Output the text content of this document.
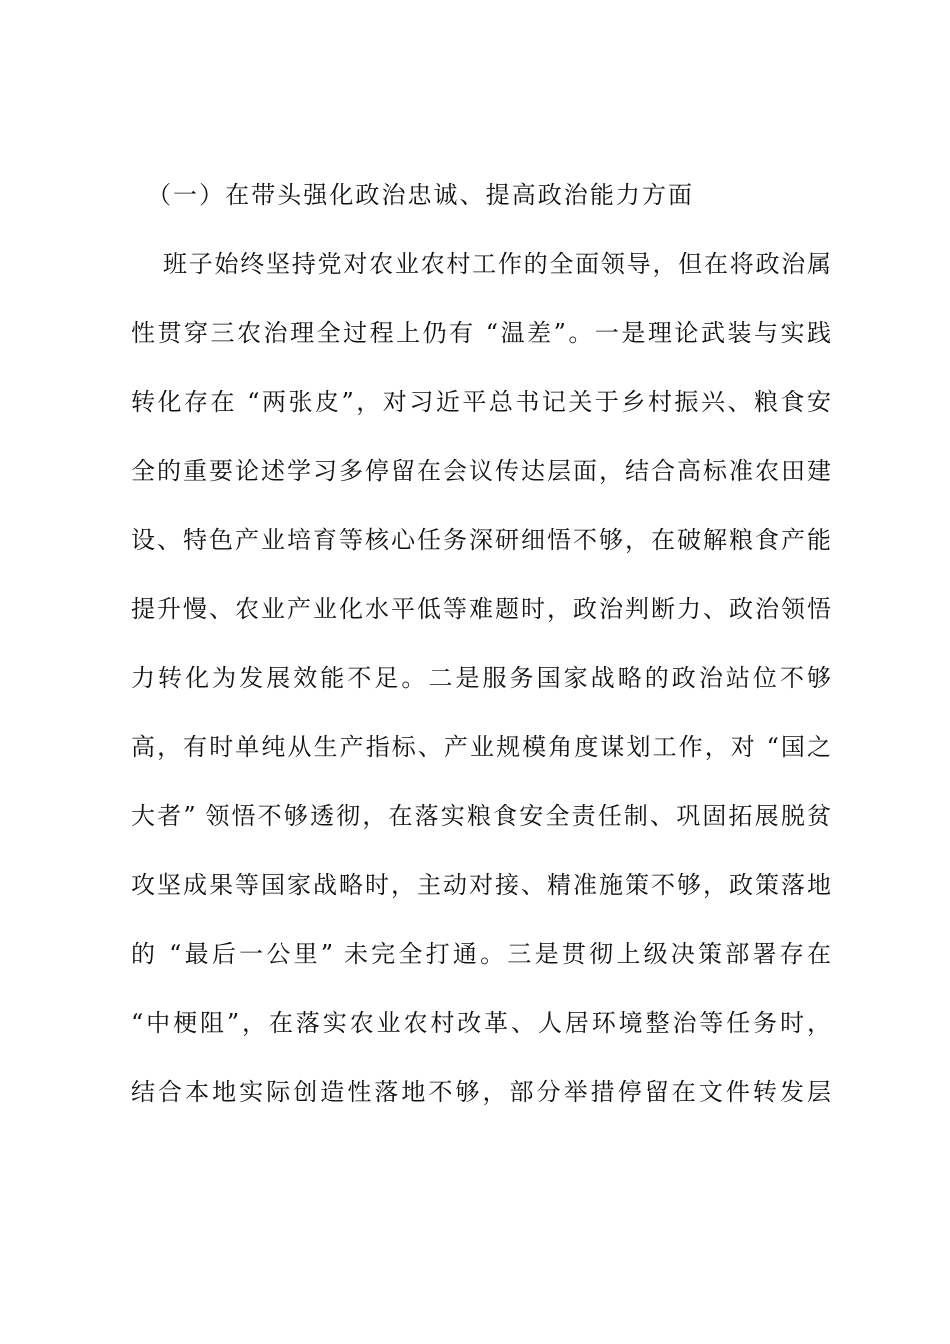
（一）在带头强化政治忠诚、提高政治能力方面
班子始终坚持党对农业农村工作的全面领导，但在将政治属
性贯穿三农治理全过程上仍有 “温差”。一是理论武装与实践
转化存在 “两张皮”，对习近平总书记关于乡村振兴、粮食安
全的重要论述学习多停留在会议传达层面，结合高标准农田建
设、特色产业培育等核心任务深研细悟不够，在破解粮食产能
提升慢、农业产业化水平低等难题时，政治判断力、政治领悟
力转化为发展效能不足。二是服务国家战略的政治站位不够
高，有时单纯从生产指标、产业规模角度谋划工作，对 “国之
大者” 领悟不够透彻，在落实粮食安全责任制、巩固拓展脱贫
攻坚成果等国家战略时，主动对接、精准施策不够，政策落地
的 “最后一公里” 未完全打通。三是贯彻上级决策部署存在
“中梗阻”，在落实农业农村改革、人居环境整治等任务时，
结合本地实际创造性落地不够，部分举措停留在文件转发层
